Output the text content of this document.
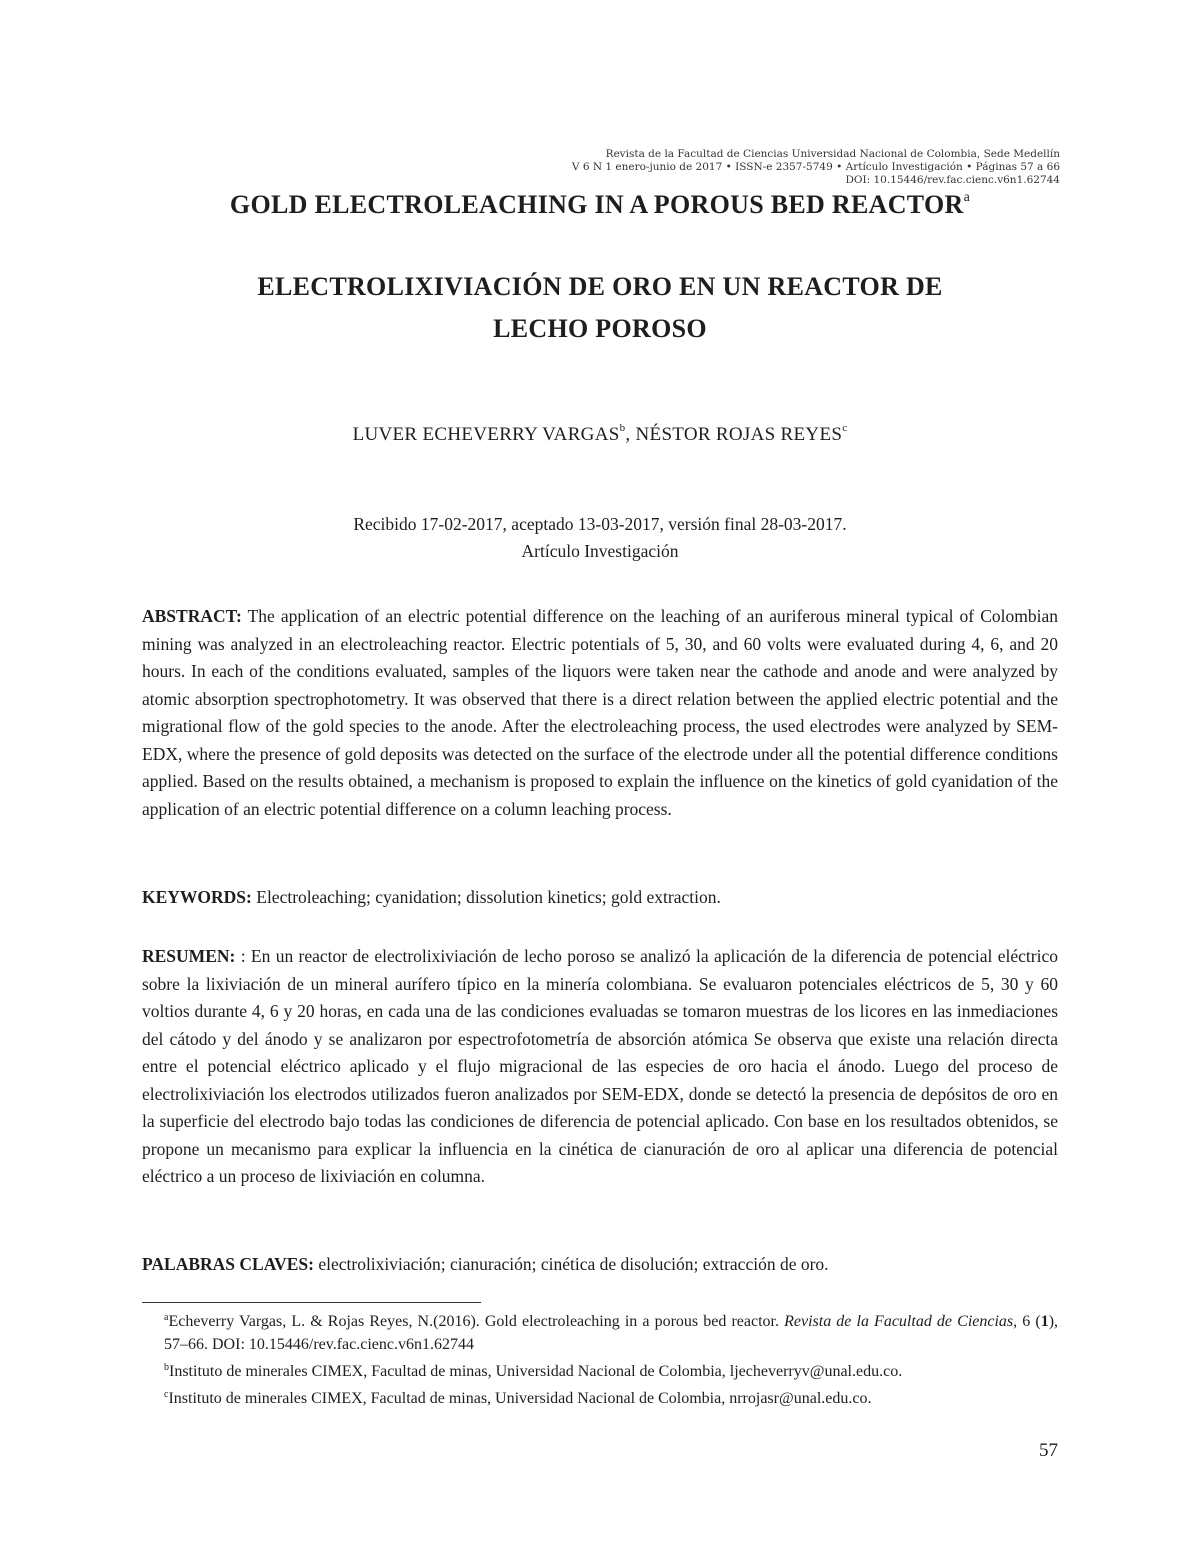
Revista de la Facultad de Ciencias Universidad Nacional de Colombia, Sede Medellín
V 6 N 1 enero-junio de 2017 • ISSN-e 2357-5749 • Artículo Investigación • Páginas 57 a 66
DOI: 10.15446/rev.fac.cienc.v6n1.62744
GOLD ELECTROLEACHING IN A POROUS BED REACTOR$^a$
ELECTROLIXIVIACIÓN DE ORO EN UN REACTOR DE
LECHO POROSO
LUVER ECHEVERRY VARGAS$^b$, NÉSTOR ROJAS REYES$^c$
Recibido 17-02-2017, aceptado 13-03-2017, versión final 28-03-2017.
Artículo Investigación
ABSTRACT: The application of an electric potential difference on the leaching of an auriferous mineral typical of Colombian mining was analyzed in an electroleaching reactor. Electric potentials of 5, 30, and 60 volts were evaluated during 4, 6, and 20 hours. In each of the conditions evaluated, samples of the liquors were taken near the cathode and anode and were analyzed by atomic absorption spectrophotometry. It was observed that there is a direct relation between the applied electric potential and the migrational flow of the gold species to the anode. After the electroleaching process, the used electrodes were analyzed by SEM-EDX, where the presence of gold deposits was detected on the surface of the electrode under all the potential difference conditions applied. Based on the results obtained, a mechanism is proposed to explain the influence on the kinetics of gold cyanidation of the application of an electric potential difference on a column leaching process.
KEYWORDS: Electroleaching; cyanidation; dissolution kinetics; gold extraction.
RESUMEN: : En un reactor de electrolixiviación de lecho poroso se analizó la aplicación de la diferencia de potencial eléctrico sobre la lixiviación de un mineral aurífero típico en la minería colombiana. Se evaluaron potenciales eléctricos de 5, 30 y 60 voltios durante 4, 6 y 20 horas, en cada una de las condiciones evaluadas se tomaron muestras de los licores en las inmediaciones del cátodo y del ánodo y se analizaron por espectrofotometría de absorción atómica Se observa que existe una relación directa entre el potencial eléctrico aplicado y el flujo migracional de las especies de oro hacia el ánodo. Luego del proceso de electrolixiviación los electrodos utilizados fueron analizados por SEM-EDX, donde se detectó la presencia de depósitos de oro en la superficie del electrodo bajo todas las condiciones de diferencia de potencial aplicado. Con base en los resultados obtenidos, se propone un mecanismo para explicar la influencia en la cinética de cianuración de oro al aplicar una diferencia de potencial eléctrico a un proceso de lixiviación en columna.
PALABRAS CLAVES: electrolixiviación; cianuración; cinética de disolución; extracción de oro.
$^a$Echeverry Vargas, L. & Rojas Reyes, N.(2016). Gold electroleaching in a porous bed reactor. Revista de la Facultad de Ciencias, 6 (1), 57–66. DOI: 10.15446/rev.fac.cienc.v6n1.62744
$^b$Instituto de minerales CIMEX, Facultad de minas, Universidad Nacional de Colombia, ljecheverryv@unal.edu.co.
$^c$Instituto de minerales CIMEX, Facultad de minas, Universidad Nacional de Colombia, nrrojasr@unal.edu.co.
57
